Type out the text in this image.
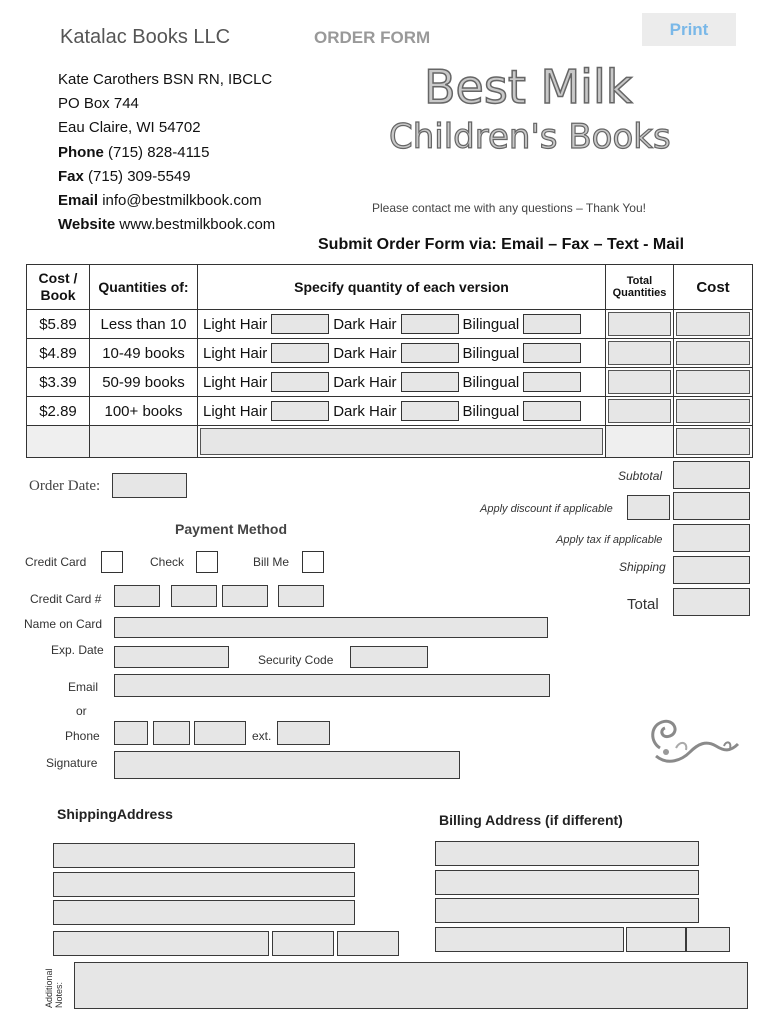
Katalac Books LLC	ORDER FORM	Print
Kate Carothers BSN RN, IBCLC
PO Box 744
Eau Claire, WI 54702
Phone (715) 828-4115
Fax (715) 309-5549
Email info@bestmilkbook.com
Website www.bestmilkbook.com
Best Milk
Children's Books
Please contact me with any questions – Thank You!
Submit Order Form via: Email – Fax – Text - Mail
Cost / Book	Quantities of:	Specify quantity of each version	Total Quantities	Cost
$5.89	Less than 10	Light Hair Dark Hair Bilingual	

$4.89	10-49 books	Light Hair Dark Hair Bilingual	

$3.39	50-99 books	Light Hair Dark Hair Bilingual	

$2.89	100+ books	Light Hair Dark Hair Bilingual	

Order Date:
Subtotal
Apply discount if applicable
Apply tax if applicable
Shipping
Total
Payment Method
Credit Card	Check	Bill Me
Credit Card #
Name on Card
Exp. Date
Security Code
Email
or
Phone	ext.
Signature
ShippingAddress	Billing Address (if different)
Additional Notes:
